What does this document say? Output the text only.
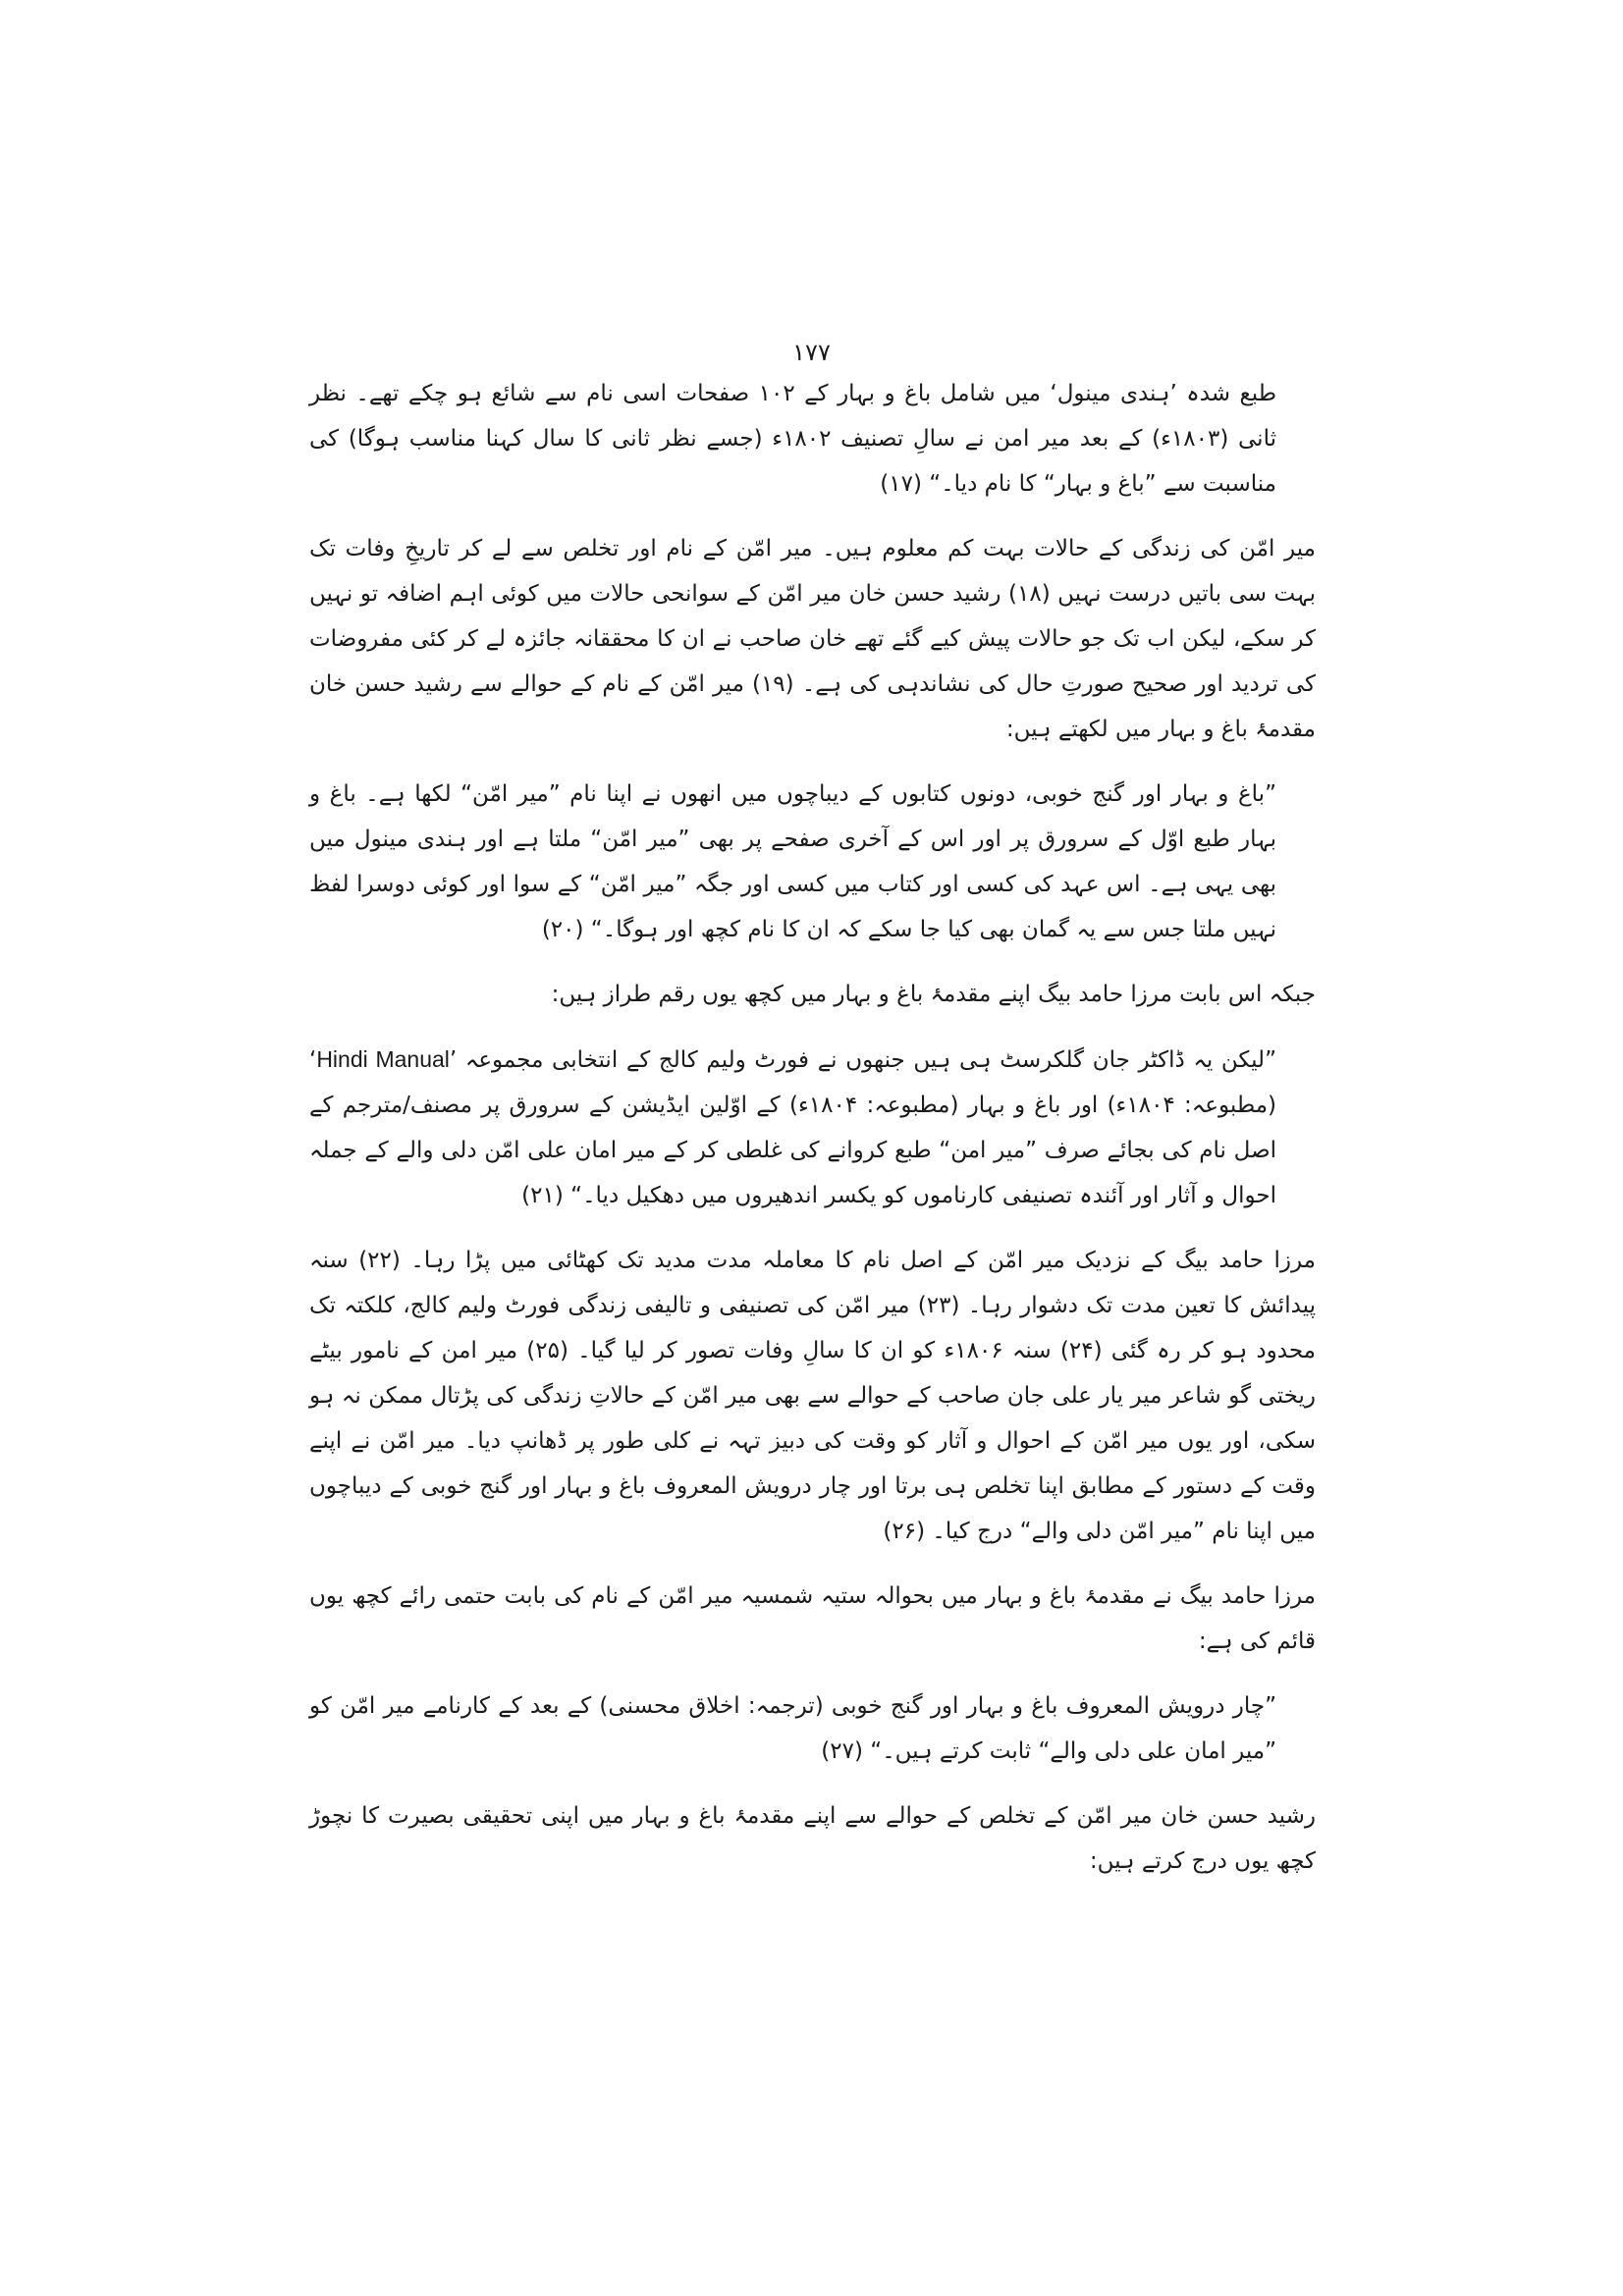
۱۷۷

طبع شدہ ’ہندی مینول‘ میں شامل باغ و بہار کے ۱۰۲ صفحات اسی نام سے شائع ہو چکے تھے۔ نظر ثانی (۱۸۰۳ء) کے بعد میر امن نے سالِ تصنیف ۱۸۰۲ء (جسے نظر ثانی کا سال کہنا مناسب ہوگا) کی مناسبت سے ”باغ و بہار“ کا نام دیا۔“ (۱۷)

میر امّن کی زندگی کے حالات بہت کم معلوم ہیں۔ میر امّن کے نام اور تخلص سے لے کر تاریخِ وفات تک بہت سی باتیں درست نہیں (۱۸) رشید حسن خان میر امّن کے سوانحی حالات میں کوئی اہم اضافہ تو نہیں کر سکے، لیکن اب تک جو حالات پیش کیے گئے تھے خان صاحب نے ان کا محققانہ جائزہ لے کر کئی مفروضات کی تردید اور صحیح صورتِ حال کی نشاندہی کی ہے۔ (۱۹) میر امّن کے نام کے حوالے سے رشید حسن خان مقدمۂ باغ و بہار میں لکھتے ہیں:

”باغ و بہار اور گنج خوبی، دونوں کتابوں کے دیباچوں میں انھوں نے اپنا نام ”میر امّن“ لکھا ہے۔ باغ و بہار طبع اوّل کے سرورق پر اور اس کے آخری صفحے پر بھی ”میر امّن“ ملتا ہے اور ہندی مینول میں بھی یہی ہے۔ اس عہد کی کسی اور کتاب میں کسی اور جگہ ”میر امّن“ کے سوا اور کوئی دوسرا لفظ نہیں ملتا جس سے یہ گمان بھی کیا جا سکے کہ ان کا نام کچھ اور ہوگا۔“ (۲۰)

جبکہ اس بابت مرزا حامد بیگ اپنے مقدمۂ باغ و بہار میں کچھ یوں رقم طراز ہیں:

”لیکن یہ ڈاکٹر جان گلکرسٹ ہی ہیں جنھوں نے فورٹ ولیم کالج کے انتخابی مجموعہ ’Hindi Manual‘ (مطبوعہ: ۱۸۰۴ء) اور باغ و بہار (مطبوعہ: ۱۸۰۴ء) کے اوّلین ایڈیشن کے سرورق پر مصنف/مترجم کے اصل نام کی بجائے صرف ”میر امن“ طبع کروانے کی غلطی کر کے میر امان علی امّن دلی والے کے جملہ احوال و آثار اور آئندہ تصنیفی کارناموں کو یکسر اندھیروں میں دھکیل دیا۔“ (۲۱)

مرزا حامد بیگ کے نزدیک میر امّن کے اصل نام کا معاملہ مدت مدید تک کھٹائی میں پڑا رہا۔ (۲۲) سنہ پیدائش کا تعین مدت تک دشوار رہا۔ (۲۳) میر امّن کی تصنیفی و تالیفی زندگی فورٹ ولیم کالج، کلکتہ تک محدود ہو کر رہ گئی (۲۴) سنہ ۱۸۰۶ء کو ان کا سالِ وفات تصور کر لیا گیا۔ (۲۵) میر امن کے نامور بیٹے ریختی گو شاعر میر یار علی جان صاحب کے حوالے سے بھی میر امّن کے حالاتِ زندگی کی پڑتال ممکن نہ ہو سکی، اور یوں میر امّن کے احوال و آثار کو وقت کی دبیز تہہ نے کلی طور پر ڈھانپ دیا۔ میر امّن نے اپنے وقت کے دستور کے مطابق اپنا تخلص ہی برتا اور چار درویش المعروف باغ و بہار اور گنج خوبی کے دیباچوں میں اپنا نام ”میر امّن دلی والے“ درج کیا۔ (۲۶)

مرزا حامد بیگ نے مقدمۂ باغ و بہار میں بحوالہ ستیہ شمسیہ میر امّن کے نام کی بابت حتمی رائے کچھ یوں قائم کی ہے:

”چار درویش المعروف باغ و بہار اور گنج خوبی (ترجمہ: اخلاق محسنی) کے بعد کے کارنامے میر امّن کو ”میر امان علی دلی والے“ ثابت کرتے ہیں۔“ (۲۷)

رشید حسن خان میر امّن کے تخلص کے حوالے سے اپنے مقدمۂ باغ و بہار میں اپنی تحقیقی بصیرت کا نچوڑ کچھ یوں درج کرتے ہیں:
